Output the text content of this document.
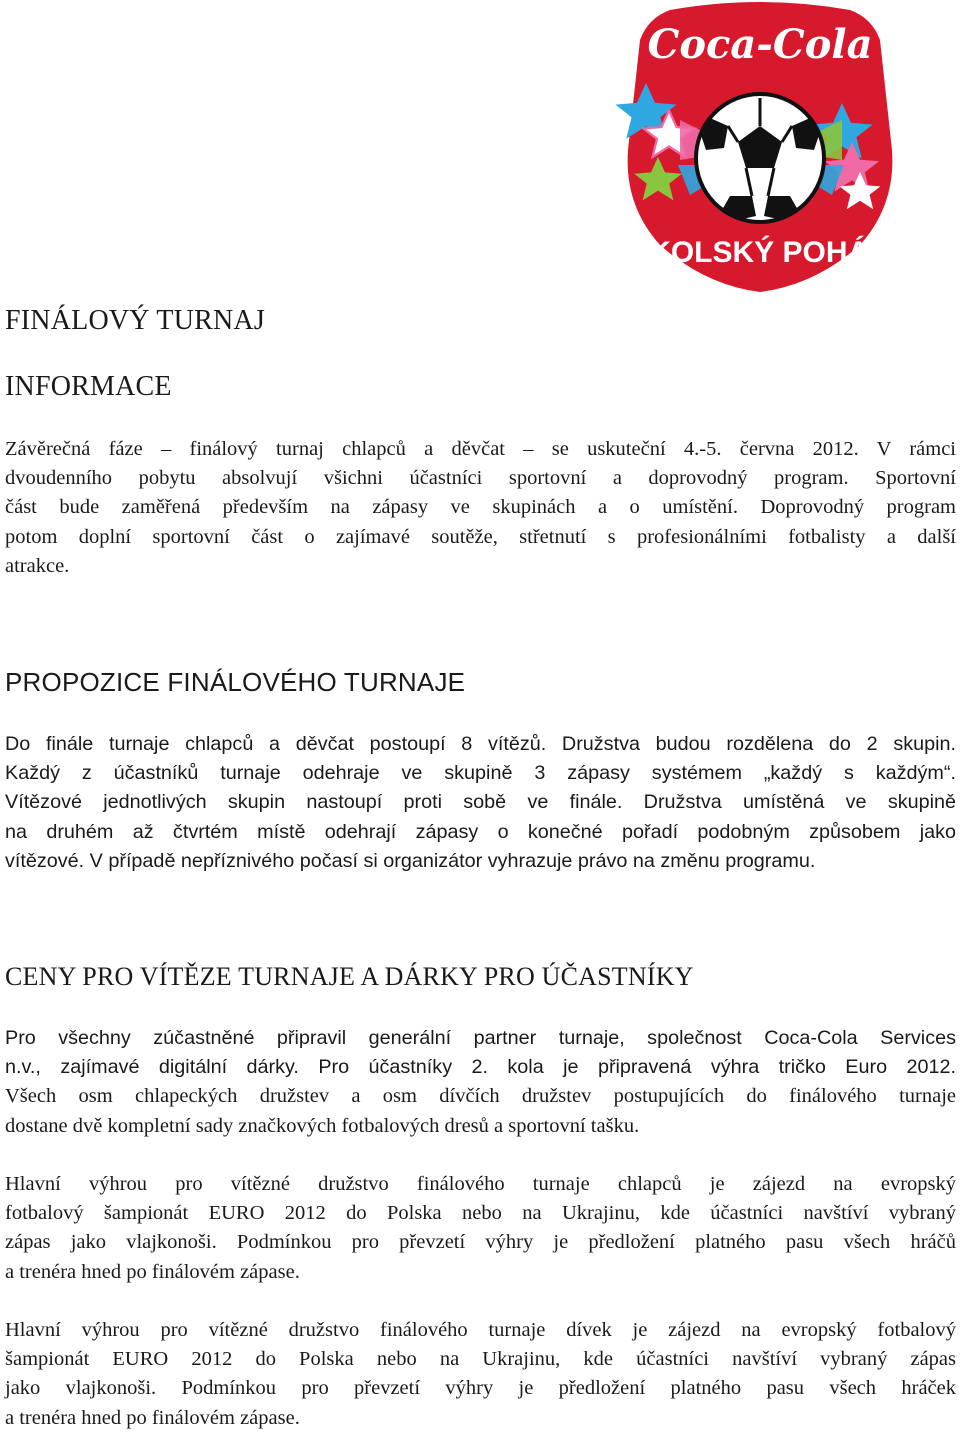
Coca-Cola
ŠKOLSKÝ POHÁR
FINÁLOVÝ TURNAJ
INFORMACE

Závěrečná fáze – finálový turnaj chlapců a děvčat – se uskuteční 4.-5. června 2012. V rámci
dvoudenního pobytu absolvují všichni účastníci sportovní a doprovodný program. Sportovní
část bude zaměřená především na zápasy ve skupinách a o umístění. Doprovodný program
potom doplní sportovní část o zajímavé soutěže, střetnutí s profesionálními fotbalisty a další
atrakce.

PROPOZICE FINÁLOVÉHO TURNAJE

Do finále turnaje chlapců a děvčat postoupí 8 vítězů. Družstva budou rozdělena do 2 skupin.
Každý z účastníků turnaje odehraje ve skupině 3 zápasy systémem „každý s každým“.
Vítězové jednotlivých skupin nastoupí proti sobě ve finále. Družstva umístěná ve skupině
na druhém až čtvrtém místě odehrají zápasy o konečné pořadí podobným způsobem jako
vítězové. V případě nepříznivého počasí si organizátor vyhrazuje právo na změnu programu.

CENY PRO VÍTĚZE TURNAJE A DÁRKY PRO ÚČASTNÍKY

Pro všechny zúčastněné připravil generální partner turnaje, společnost Coca-Cola Services
n.v., zajímavé digitální dárky. Pro účastníky 2. kola je připravená výhra tričko Euro 2012.
Všech osm chlapeckých družstev a osm dívčích družstev postupujících do finálového turnaje
dostane dvě kompletní sady značkových fotbalových dresů a sportovní tašku.

Hlavní výhrou pro vítězné družstvo finálového turnaje chlapců je zájezd na evropský
fotbalový šampionát EURO 2012 do Polska nebo na Ukrajinu, kde účastníci navštíví vybraný
zápas jako vlajkonoši. Podmínkou pro převzetí výhry je předložení platného pasu všech hráčů
a trenéra hned po finálovém zápase.

Hlavní výhrou pro vítězné družstvo finálového turnaje dívek je zájezd na evropský fotbalový
šampionát EURO 2012 do Polska nebo na Ukrajinu, kde účastníci navštíví vybraný zápas
jako vlajkonoši. Podmínkou pro převzetí výhry je předložení platného pasu všech hráček
a trenéra hned po finálovém zápase.
